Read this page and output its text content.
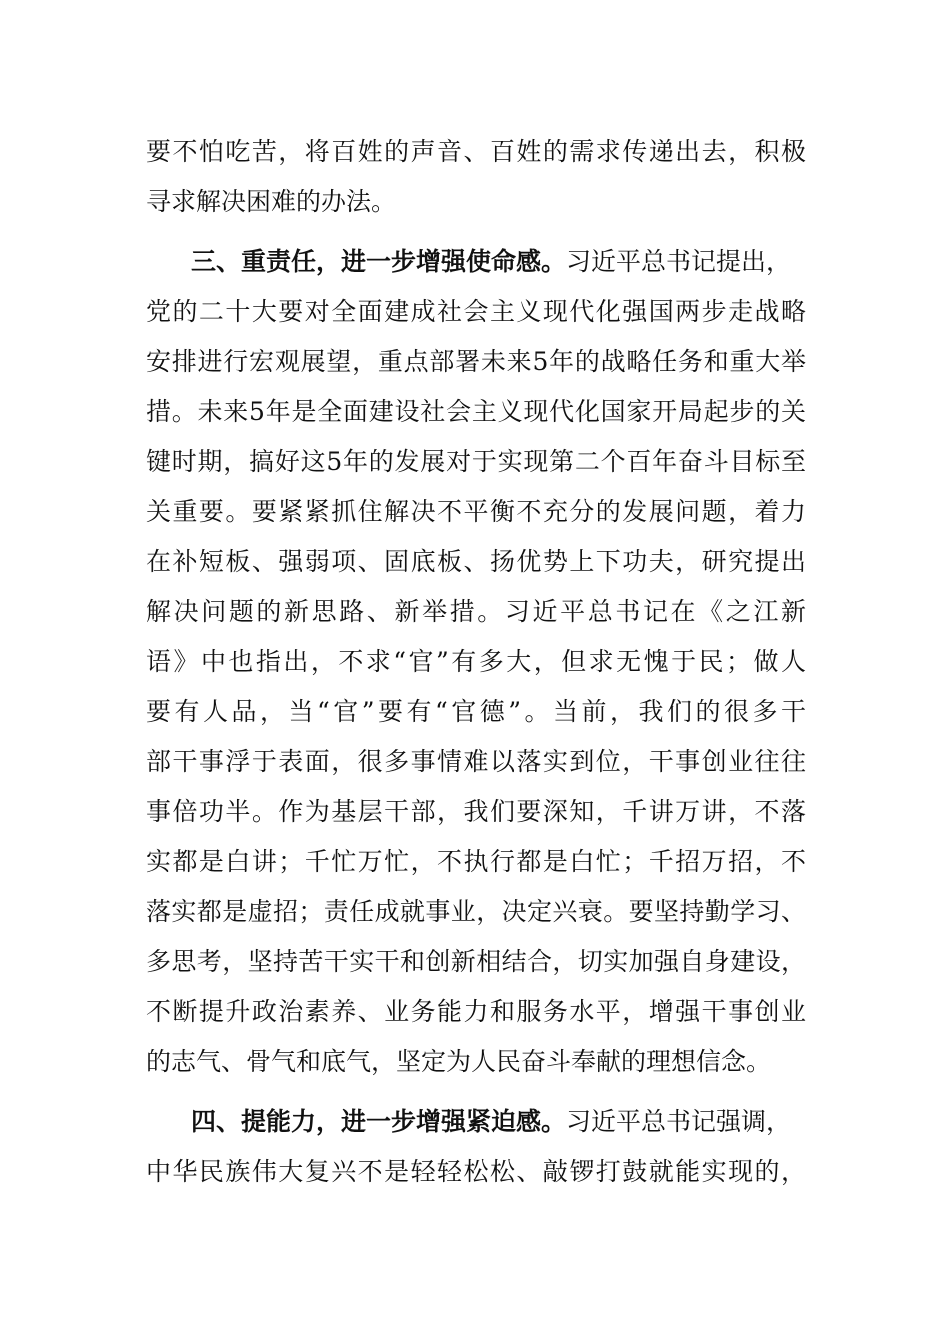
要不怕吃苦，将百姓的声音、百姓的需求传递出去，积极
寻求解决困难的办法。
三、重责任，进一步增强使命感。习近平总书记提出，
党的二十大要对全面建成社会主义现代化强国两步走战略
安排进行宏观展望，重点部署未来5年的战略任务和重大举
措。未来5年是全面建设社会主义现代化国家开局起步的关
键时期，搞好这5年的发展对于实现第二个百年奋斗目标至
关重要。要紧紧抓住解决不平衡不充分的发展问题，着力
在补短板、强弱项、固底板、扬优势上下功夫，研究提出
解决问题的新思路、新举措。习近平总书记在《之江新
语》中也指出，不求“官”有多大，但求无愧于民；做人
要有人品，当“官”要有“官德”。当前，我们的很多干
部干事浮于表面，很多事情难以落实到位，干事创业往往
事倍功半。作为基层干部，我们要深知，千讲万讲，不落
实都是白讲；千忙万忙，不执行都是白忙；千招万招，不
落实都是虚招；责任成就事业，决定兴衰。要坚持勤学习、
多思考，坚持苦干实干和创新相结合，切实加强自身建设，
不断提升政治素养、业务能力和服务水平，增强干事创业
的志气、骨气和底气，坚定为人民奋斗奉献的理想信念。
四、提能力，进一步增强紧迫感。习近平总书记强调，
中华民族伟大复兴不是轻轻松松、敲锣打鼓就能实现的，
